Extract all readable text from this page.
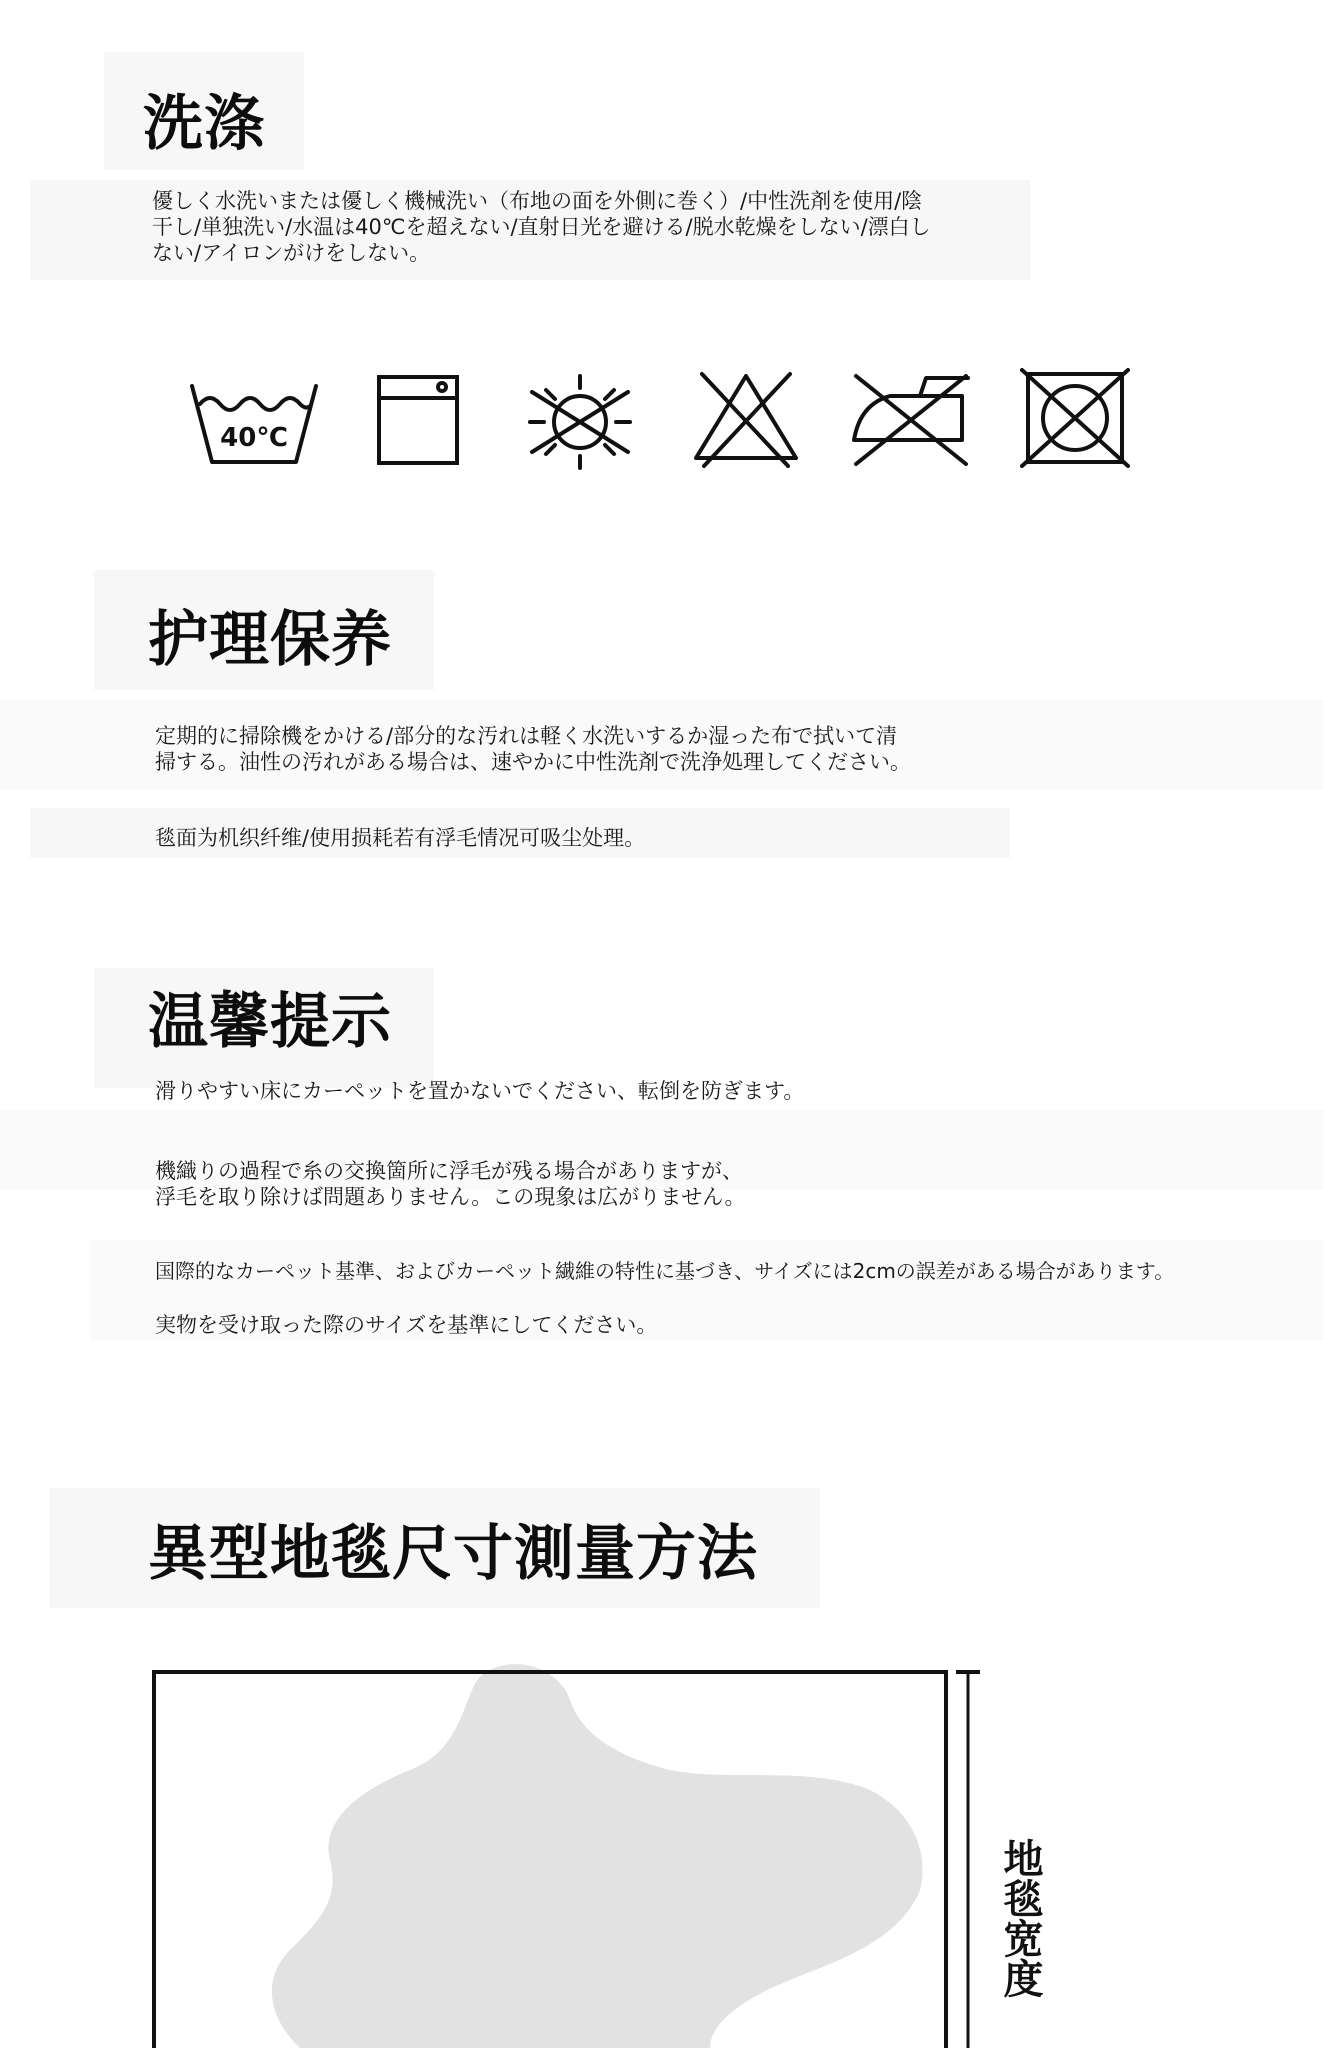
洗涤
優しく水洗いまたは優しく機械洗い（布地の面を外側に巻く）/中性洗剤を使用/陰
干し/単独洗い/水温は40℃を超えない/直射日光を避ける/脱水乾燥をしない/漂白し
ない/アイロンがけをしない。
40℃
护理保养
定期的に掃除機をかける/部分的な汚れは軽く水洗いするか湿った布で拭いて清
掃する。油性の汚れがある場合は、速やかに中性洗剤で洗浄処理してください。
毯面为机织纤维/使用损耗若有浮毛情况可吸尘处理。
温馨提示
滑りやすい床にカーペットを置かないでください、転倒を防ぎます。
機織りの過程で糸の交換箇所に浮毛が残る場合がありますが、
浮毛を取り除けば問題ありません。この現象は広がりません。
国際的なカーペット基準、およびカーペット繊維の特性に基づき、サイズには2cmの誤差がある場合があります。
実物を受け取った際のサイズを基準にしてください。
異型地毯尺寸測量方法
地毯宽度
